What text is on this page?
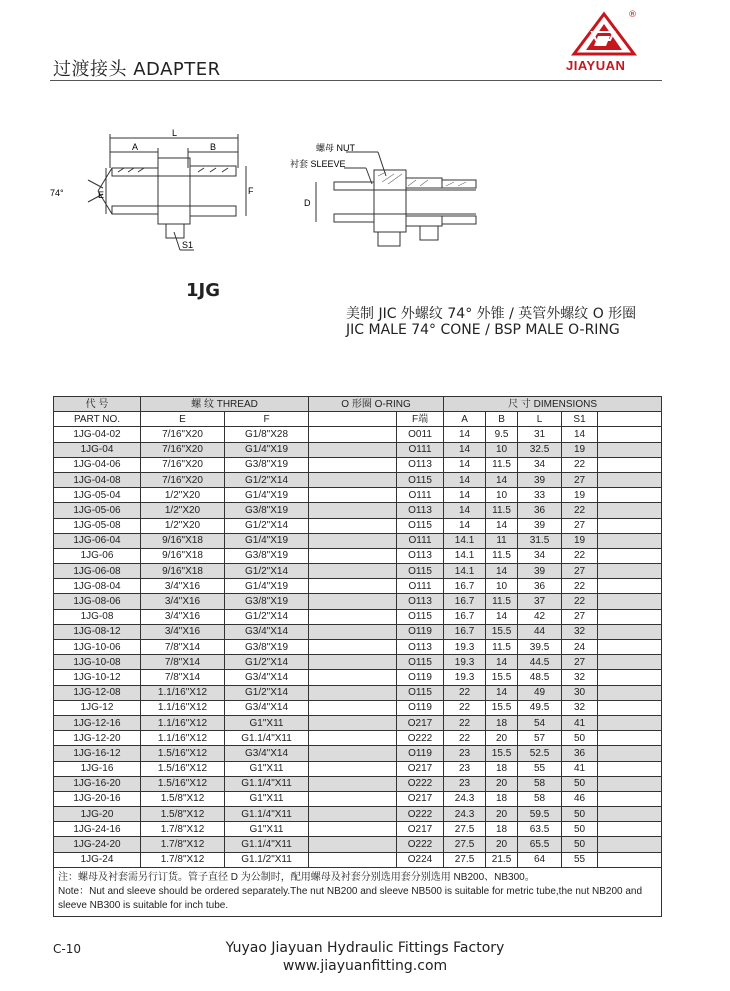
过渡接头 ADAPTER
®
JIAYUAN
L
A	B
74°	E	F
S1
螺母 NUT
衬套 SLEEVE
D
1JG
美制 JIC 外螺纹 74° 外锥 / 英管外螺纹 O 形圈
JIC MALE 74° CONE / BSP MALE O-RING
代 号	螺 纹 THREAD		O 形圈 O-RING		尺 寸 DIMENSIONS				
PART NO.	E	F		F端	A	B	L	S1	
1JG-04-02	7/16"X20	G1/8"X28		O011	14	9.5	31	14	
1JG-04	7/16"X20	G1/4"X19		O111	14	10	32.5	19	
1JG-04-06	7/16"X20	G3/8"X19		O113	14	11.5	34	22	
1JG-04-08	7/16"X20	G1/2"X14		O115	14	14	39	27	
1JG-05-04	1/2"X20	G1/4"X19		O111	14	10	33	19	
1JG-05-06	1/2"X20	G3/8"X19		O113	14	11.5	36	22	
1JG-05-08	1/2"X20	G1/2"X14		O115	14	14	39	27	
1JG-06-04	9/16"X18	G1/4"X19		O111	14.1	11	31.5	19	
1JG-06	9/16"X18	G3/8"X19		O113	14.1	11.5	34	22	
1JG-06-08	9/16"X18	G1/2"X14		O115	14.1	14	39	27	
1JG-08-04	3/4"X16	G1/4"X19		O111	16.7	10	36	22	
1JG-08-06	3/4"X16	G3/8"X19		O113	16.7	11.5	37	22	
1JG-08	3/4"X16	G1/2"X14		O115	16.7	14	42	27	
1JG-08-12	3/4"X16	G3/4"X14		O119	16.7	15.5	44	32	
1JG-10-06	7/8"X14	G3/8"X19		O113	19.3	11.5	39.5	24	
1JG-10-08	7/8"X14	G1/2"X14		O115	19.3	14	44.5	27	
1JG-10-12	7/8"X14	G3/4"X14		O119	19.3	15.5	48.5	32	
1JG-12-08	1.1/16"X12	G1/2"X14		O115	22	14	49	30	
1JG-12	1.1/16"X12	G3/4"X14		O119	22	15.5	49.5	32	
1JG-12-16	1.1/16"X12	G1"X11		O217	22	18	54	41	
1JG-12-20	1.1/16"X12	G1.1/4"X11		O222	22	20	57	50	
1JG-16-12	1.5/16"X12	G3/4"X14		O119	23	15.5	52.5	36	
1JG-16	1.5/16"X12	G1"X11		O217	23	18	55	41	
1JG-16-20	1.5/16"X12	G1.1/4"X11		O222	23	20	58	50	
1JG-20-16	1.5/8"X12	G1"X11		O217	24.3	18	58	46	
1JG-20	1.5/8"X12	G1.1/4"X11		O222	24.3	20	59.5	50	
1JG-24-16	1.7/8"X12	G1"X11		O217	27.5	18	63.5	50	
1JG-24-20	1.7/8"X12	G1.1/4"X11		O222	27.5	20	65.5	50	
1JG-24	1.7/8"X12	G1.1/2"X11		O224	27.5	21.5	64	55	

注：螺母及衬套需另行订货。管子直径 D 为公制时，配用螺母及衬套分别选用套分别选用 NB200、NB300。
Note：Nut and sleeve should be ordered separately.The nut NB200 and sleeve NB500 is suitable for metric tube,the nut NB200 and sleeve NB300 is suitable for inch tube.									
C-10	Yuyao Jiayuan Hydraulic Fittings Factory
www.jiayuanfitting.com
